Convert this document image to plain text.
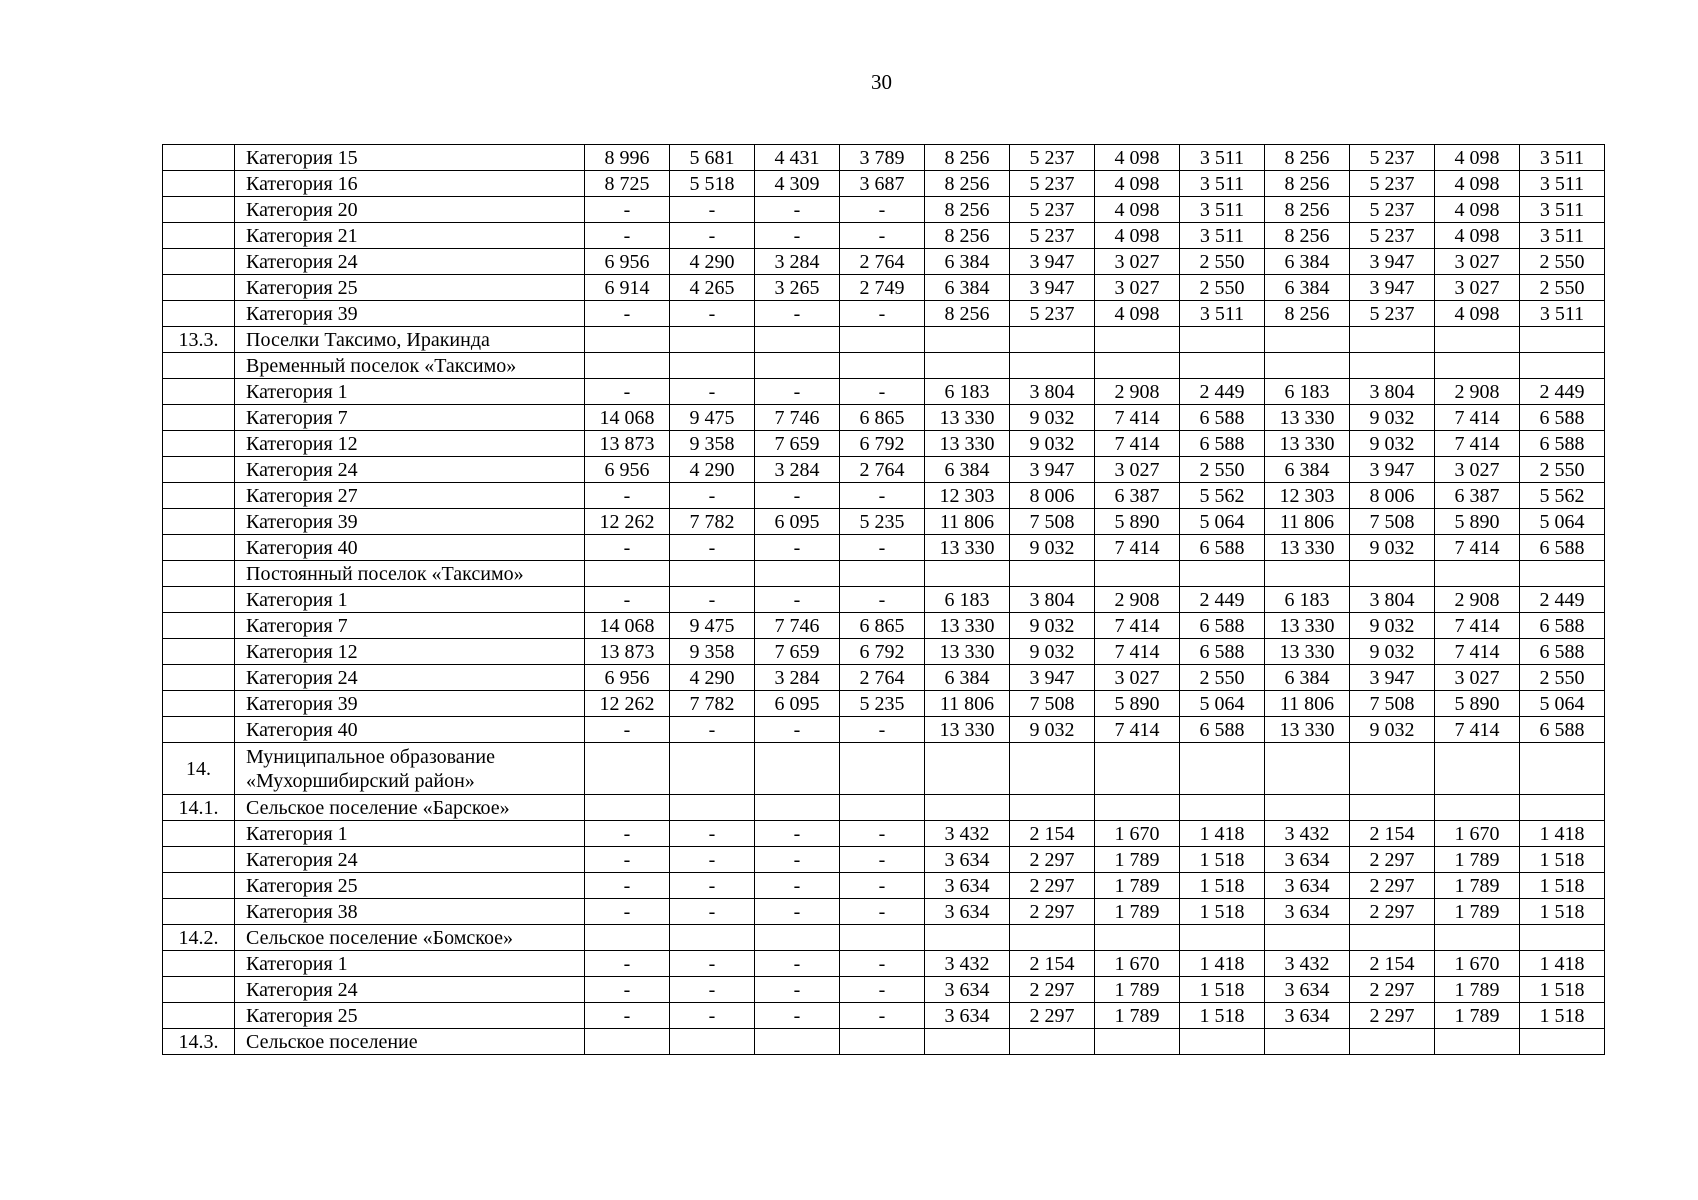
30
	Категория 15	8 996	5 681	4 431	3 789	8 256	5 237	4 098	3 511	8 256	5 237	4 098	3 511
	Категория 16	8 725	5 518	4 309	3 687	8 256	5 237	4 098	3 511	8 256	5 237	4 098	3 511
	Категория 20	-	-	-	-	8 256	5 237	4 098	3 511	8 256	5 237	4 098	3 511
	Категория 21	-	-	-	-	8 256	5 237	4 098	3 511	8 256	5 237	4 098	3 511
	Категория 24	6 956	4 290	3 284	2 764	6 384	3 947	3 027	2 550	6 384	3 947	3 027	2 550
	Категория 25	6 914	4 265	3 265	2 749	6 384	3 947	3 027	2 550	6 384	3 947	3 027	2 550
	Категория 39	-	-	-	-	8 256	5 237	4 098	3 511	8 256	5 237	4 098	3 511
13.3.	Поселки Таксимо, Иракинда												
	Временный поселок «Таксимо»												
	Категория 1	-	-	-	-	6 183	3 804	2 908	2 449	6 183	3 804	2 908	2 449
	Категория 7	14 068	9 475	7 746	6 865	13 330	9 032	7 414	6 588	13 330	9 032	7 414	6 588
	Категория 12	13 873	9 358	7 659	6 792	13 330	9 032	7 414	6 588	13 330	9 032	7 414	6 588
	Категория 24	6 956	4 290	3 284	2 764	6 384	3 947	3 027	2 550	6 384	3 947	3 027	2 550
	Категория 27	-	-	-	-	12 303	8 006	6 387	5 562	12 303	8 006	6 387	5 562
	Категория 39	12 262	7 782	6 095	5 235	11 806	7 508	5 890	5 064	11 806	7 508	5 890	5 064
	Категория 40	-	-	-	-	13 330	9 032	7 414	6 588	13 330	9 032	7 414	6 588
	Постоянный поселок «Таксимо»												
	Категория 1	-	-	-	-	6 183	3 804	2 908	2 449	6 183	3 804	2 908	2 449
	Категория 7	14 068	9 475	7 746	6 865	13 330	9 032	7 414	6 588	13 330	9 032	7 414	6 588
	Категория 12	13 873	9 358	7 659	6 792	13 330	9 032	7 414	6 588	13 330	9 032	7 414	6 588
	Категория 24	6 956	4 290	3 284	2 764	6 384	3 947	3 027	2 550	6 384	3 947	3 027	2 550
	Категория 39	12 262	7 782	6 095	5 235	11 806	7 508	5 890	5 064	11 806	7 508	5 890	5 064
	Категория 40	-	-	-	-	13 330	9 032	7 414	6 588	13 330	9 032	7 414	6 588
14.	Муниципальное образование «Мухоршибирский район»												
14.1.	Сельское поселение «Барское»												
	Категория 1	-	-	-	-	3 432	2 154	1 670	1 418	3 432	2 154	1 670	1 418
	Категория 24	-	-	-	-	3 634	2 297	1 789	1 518	3 634	2 297	1 789	1 518
	Категория 25	-	-	-	-	3 634	2 297	1 789	1 518	3 634	2 297	1 789	1 518
	Категория 38	-	-	-	-	3 634	2 297	1 789	1 518	3 634	2 297	1 789	1 518
14.2.	Сельское поселение «Бомское»												
	Категория 1	-	-	-	-	3 432	2 154	1 670	1 418	3 432	2 154	1 670	1 418
	Категория 24	-	-	-	-	3 634	2 297	1 789	1 518	3 634	2 297	1 789	1 518
	Категория 25	-	-	-	-	3 634	2 297	1 789	1 518	3 634	2 297	1 789	1 518
14.3.	Сельское поселение												
